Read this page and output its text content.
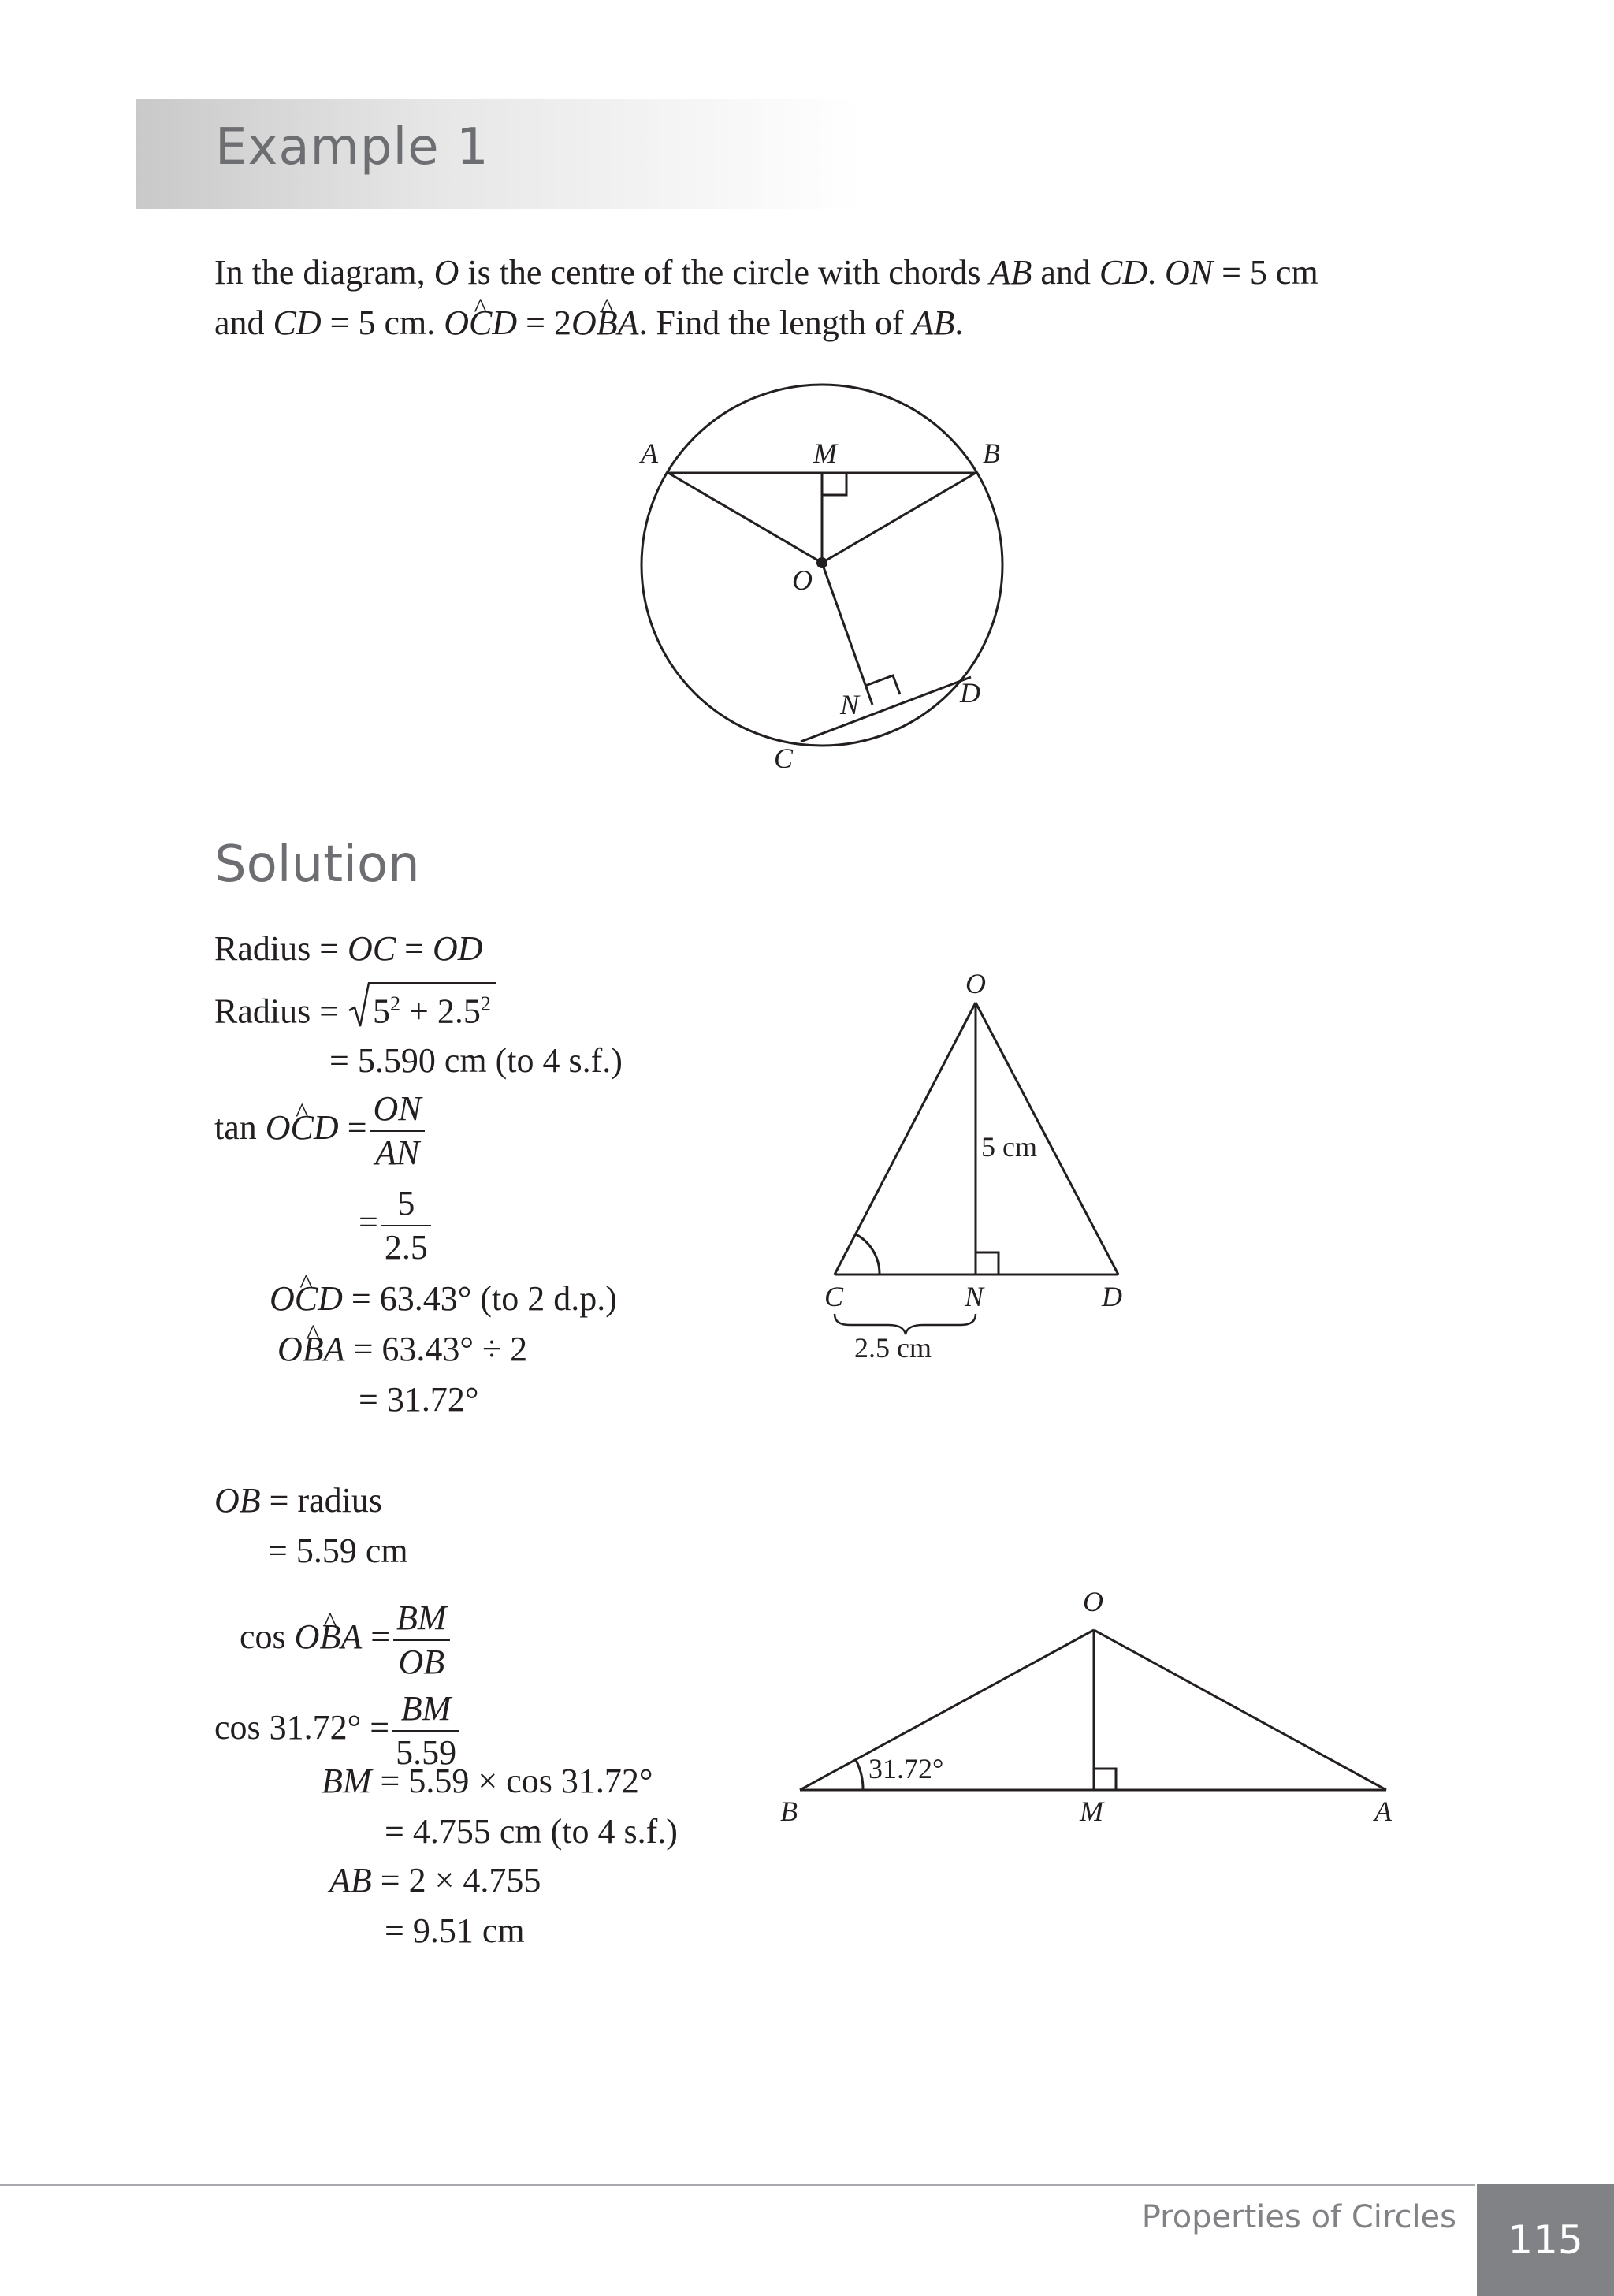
Example 1

In the diagram, O is the centre of the circle with chords AB and CD. ON = 5 cm

and CD = 5 cm. O^ CD = 2O^ BA. Find the length of AB.

A	M	B
O
N	D
C
Solution
Radius = OC = OD
Radius =
$5^2 + 2.5^2$
= 5.590 cm (to 4 s.f.)
tan O^ CD = $\frac{ON}{AN}$
= $\frac{5}{2.5}$
O^ CD = 63.43° (to 2 d.p.)
O^ BA = 63.43° ÷ 2
= 31.72°
O
5 cm
C	N	D
2.5 cm
OB = radius
= 5.59 cm
cos O^ BA = $\frac{BM}{OB}$
$\cos 31.72^\circ = \frac{BM}{5.59}$
BM = 5.59 × cos 31.72°
= 4.755 cm (to 4 s.f.)
AB = 2 × 4.755
= 9.51 cm
O
31.72°
B	M	A
Properties of Circles	115
